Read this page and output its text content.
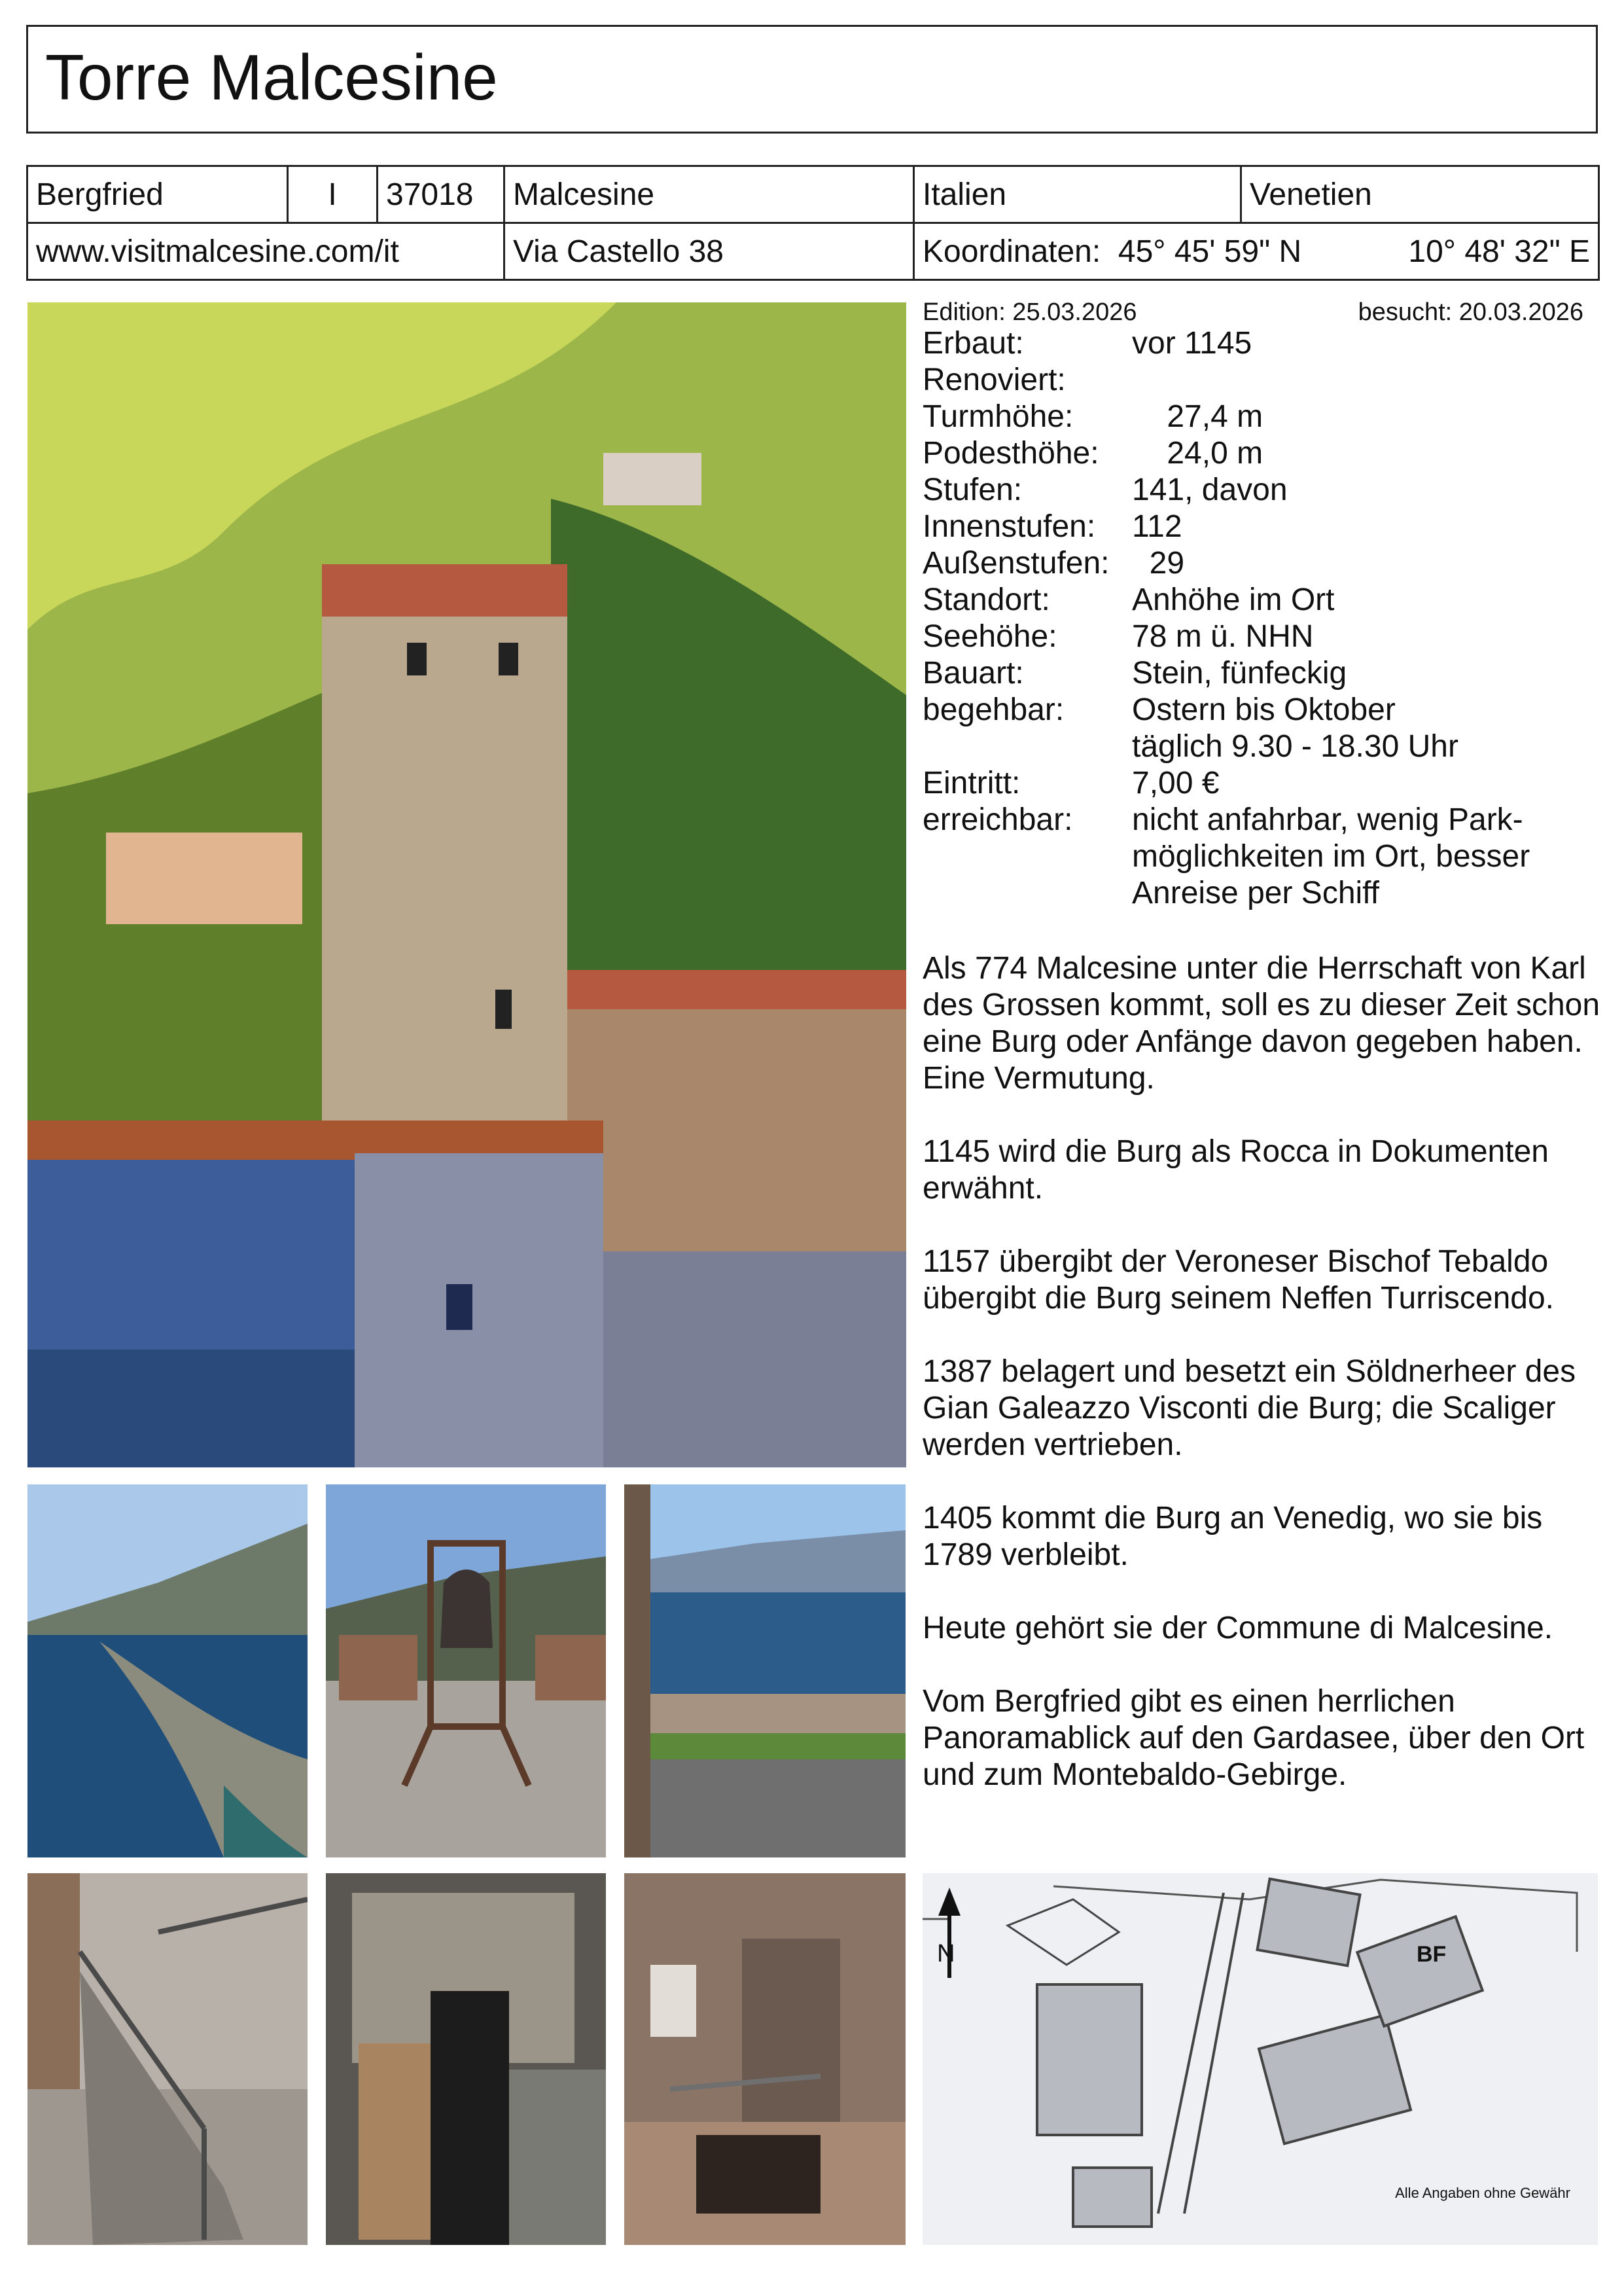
Torre Malcesine
Bergfried	I	37018	Malcesine	Italien	Venetien
www.visitmalcesine.com/it			Via Castello 38	Koordinaten: 45° 45' 59" N 10° 48' 32" E	
BF
N
Alle Angaben ohne Gewähr
Edition: 25.03.2026	besucht: 20.03.2026
Erbaut:	vor 1145
Renoviert:
Turmhöhe: 27,4 m
Podesthöhe: 24,0 m
Stufen:	141, davon
Innenstufen: 112
Außenstufen: 29
Standort:	Anhöhe im Ort
Seehöhe: 78 m ü. NHN
Bauart:	Stein, fünfeckig
begehbar: Ostern bis Oktober
täglich 9.30 - 18.30 Uhr
Eintritt:	7,00 €
erreichbar: nicht anfahrbar, wenig Park-
möglichkeiten im Ort, besser
Anreise per Schiff

Als 774 Malcesine unter die Herrschaft von Karl des Grossen kommt, soll es zu dieser Zeit schon eine Burg oder Anfänge davon gegeben haben. Eine Vermutung.

1145 wird die Burg als Rocca in Dokumenten erwähnt.

1157 übergibt der Veroneser Bischof Tebaldo übergibt die Burg seinem Neffen Turriscendo.

1387 belagert und besetzt ein Söldnerheer des Gian Galeazzo Visconti die Burg; die Scaliger werden vertrieben.

1405 kommt die Burg an Venedig, wo sie bis 1789 verbleibt.

Heute gehört sie der Commune di Malcesine.

Vom Bergfried gibt es einen herrlichen Panoramablick auf den Gardasee, über den Ort und zum Montebaldo-Gebirge.
